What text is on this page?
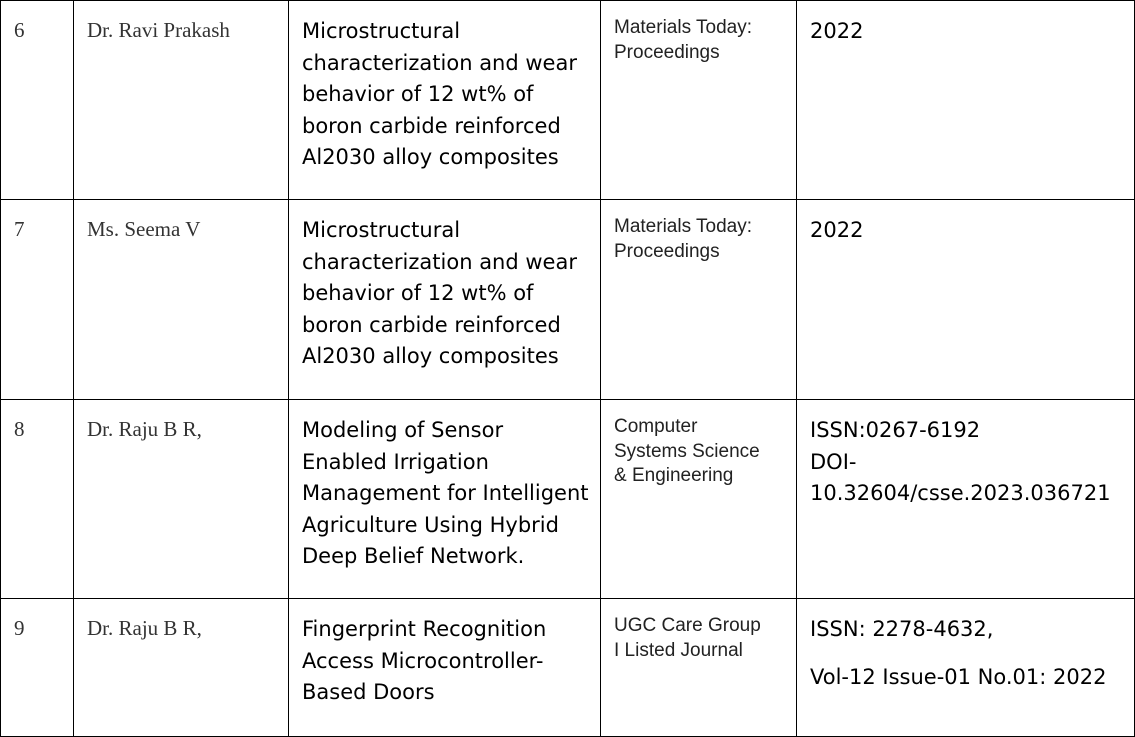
6	Dr. Ravi Prakash	Microstructural
characterization and wear
behavior of 12 wt% of
boron carbide reinforced
Al2030 alloy composites	Materials Today:
Proceedings	2022

7	Ms. Seema V	Microstructural
characterization and wear
behavior of 12 wt% of
boron carbide reinforced
Al2030 alloy composites	Materials Today:
Proceedings	2022

8	Dr. Raju B R,	Modeling of Sensor
Enabled Irrigation
Management for Intelligent
Agriculture Using Hybrid
Deep Belief Network.	Computer
Systems Science
& Engineering	ISSN:0267-6192
DOI-
10.32604/csse.2023.036721

9	Dr. Raju B R,	Fingerprint Recognition
Access Microcontroller-
Based Doors	UGC Care Group
I Listed Journal	ISSN: 2278-4632,
Vol-12 Issue-01 No.01: 2022
